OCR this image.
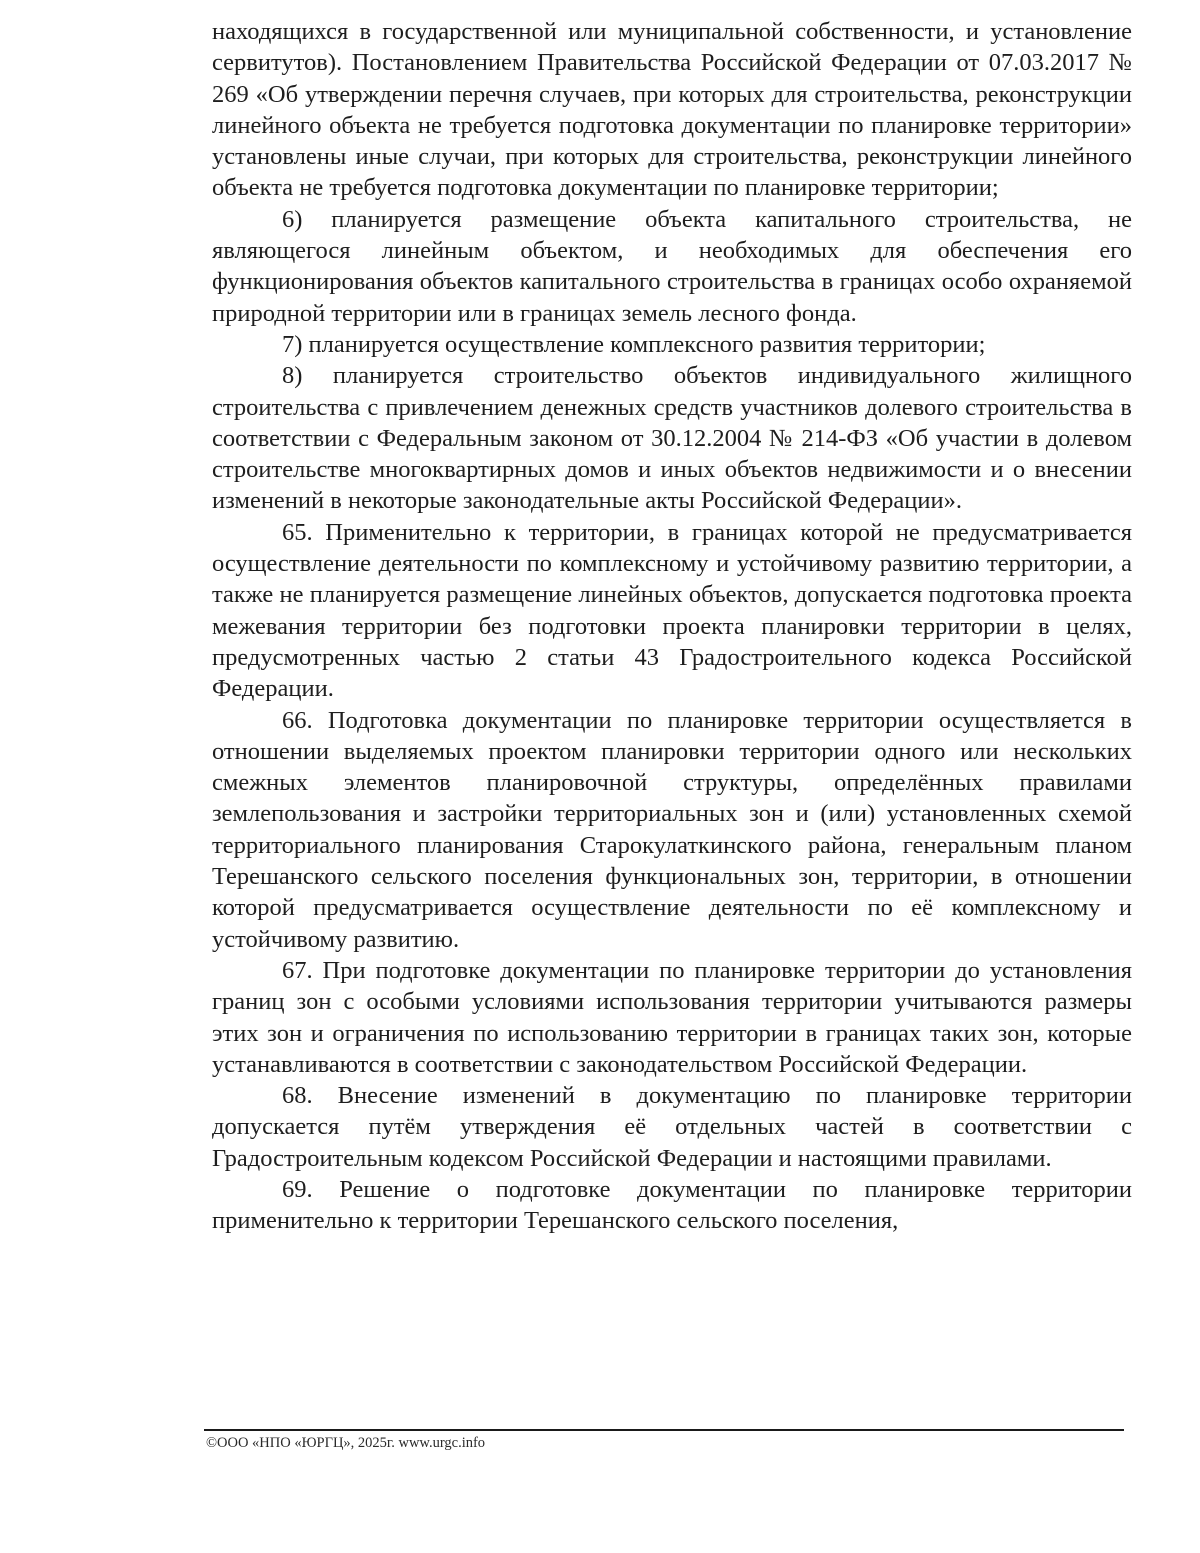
находящихся в государственной или муниципальной собственности, и установление сервитутов). Постановлением Правительства Российской Федерации от 07.03.2017 № 269 «Об утверждении перечня случаев, при которых для строительства, реконструкции линейного объекта не требуется подготовка документации по планировке территории» установлены иные случаи, при которых для строительства, реконструкции линейного объекта не требуется подготовка документации по планировке территории;

6) планируется размещение объекта капитального строительства, не являющегося линейным объектом, и необходимых для обеспечения его функционирования объектов капитального строительства в границах особо охраняемой природной территории или в границах земель лесного фонда.

7) планируется осуществление комплексного развития территории;

8) планируется строительство объектов индивидуального жилищного строительства с привлечением денежных средств участников долевого строительства в соответствии с Федеральным законом от 30.12.2004 № 214-ФЗ «Об участии в долевом строительстве многоквартирных домов и иных объектов недвижимости и о внесении изменений в некоторые законодательные акты Российской Федерации».

65. Применительно к территории, в границах которой не предусматривается осуществление деятельности по комплексному и устойчивому развитию территории, а также не планируется размещение линейных объектов, допускается подготовка проекта межевания территории без подготовки проекта планировки территории в целях, предусмотренных частью 2 статьи 43 Градостроительного кодекса Российской Федерации.

66. Подготовка документации по планировке территории осуществляется в отношении выделяемых проектом планировки территории одного или нескольких смежных элементов планировочной структуры, определённых правилами землепользования и застройки территориальных зон и (или) установленных схемой территориального планирования Старокулаткинского района, генеральным планом Терешанского сельского поселения функциональных зон, территории, в отношении которой предусматривается осуществление деятельности по её комплексному и устойчивому развитию.

67. При подготовке документации по планировке территории до установления границ зон с особыми условиями использования территории учитываются размеры этих зон и ограничения по использованию территории в границах таких зон, которые устанавливаются в соответствии с законодательством Российской Федерации.

68. Внесение изменений в документацию по планировке территории допускается путём утверждения её отдельных частей в соответствии с Градостроительным кодексом Российской Федерации и настоящими правилами.

69. Решение о подготовке документации по планировке территории применительно к территории Терешанского сельского поселения,

©ООО «НПО «ЮРГЦ», 2025г. www.urgc.info
